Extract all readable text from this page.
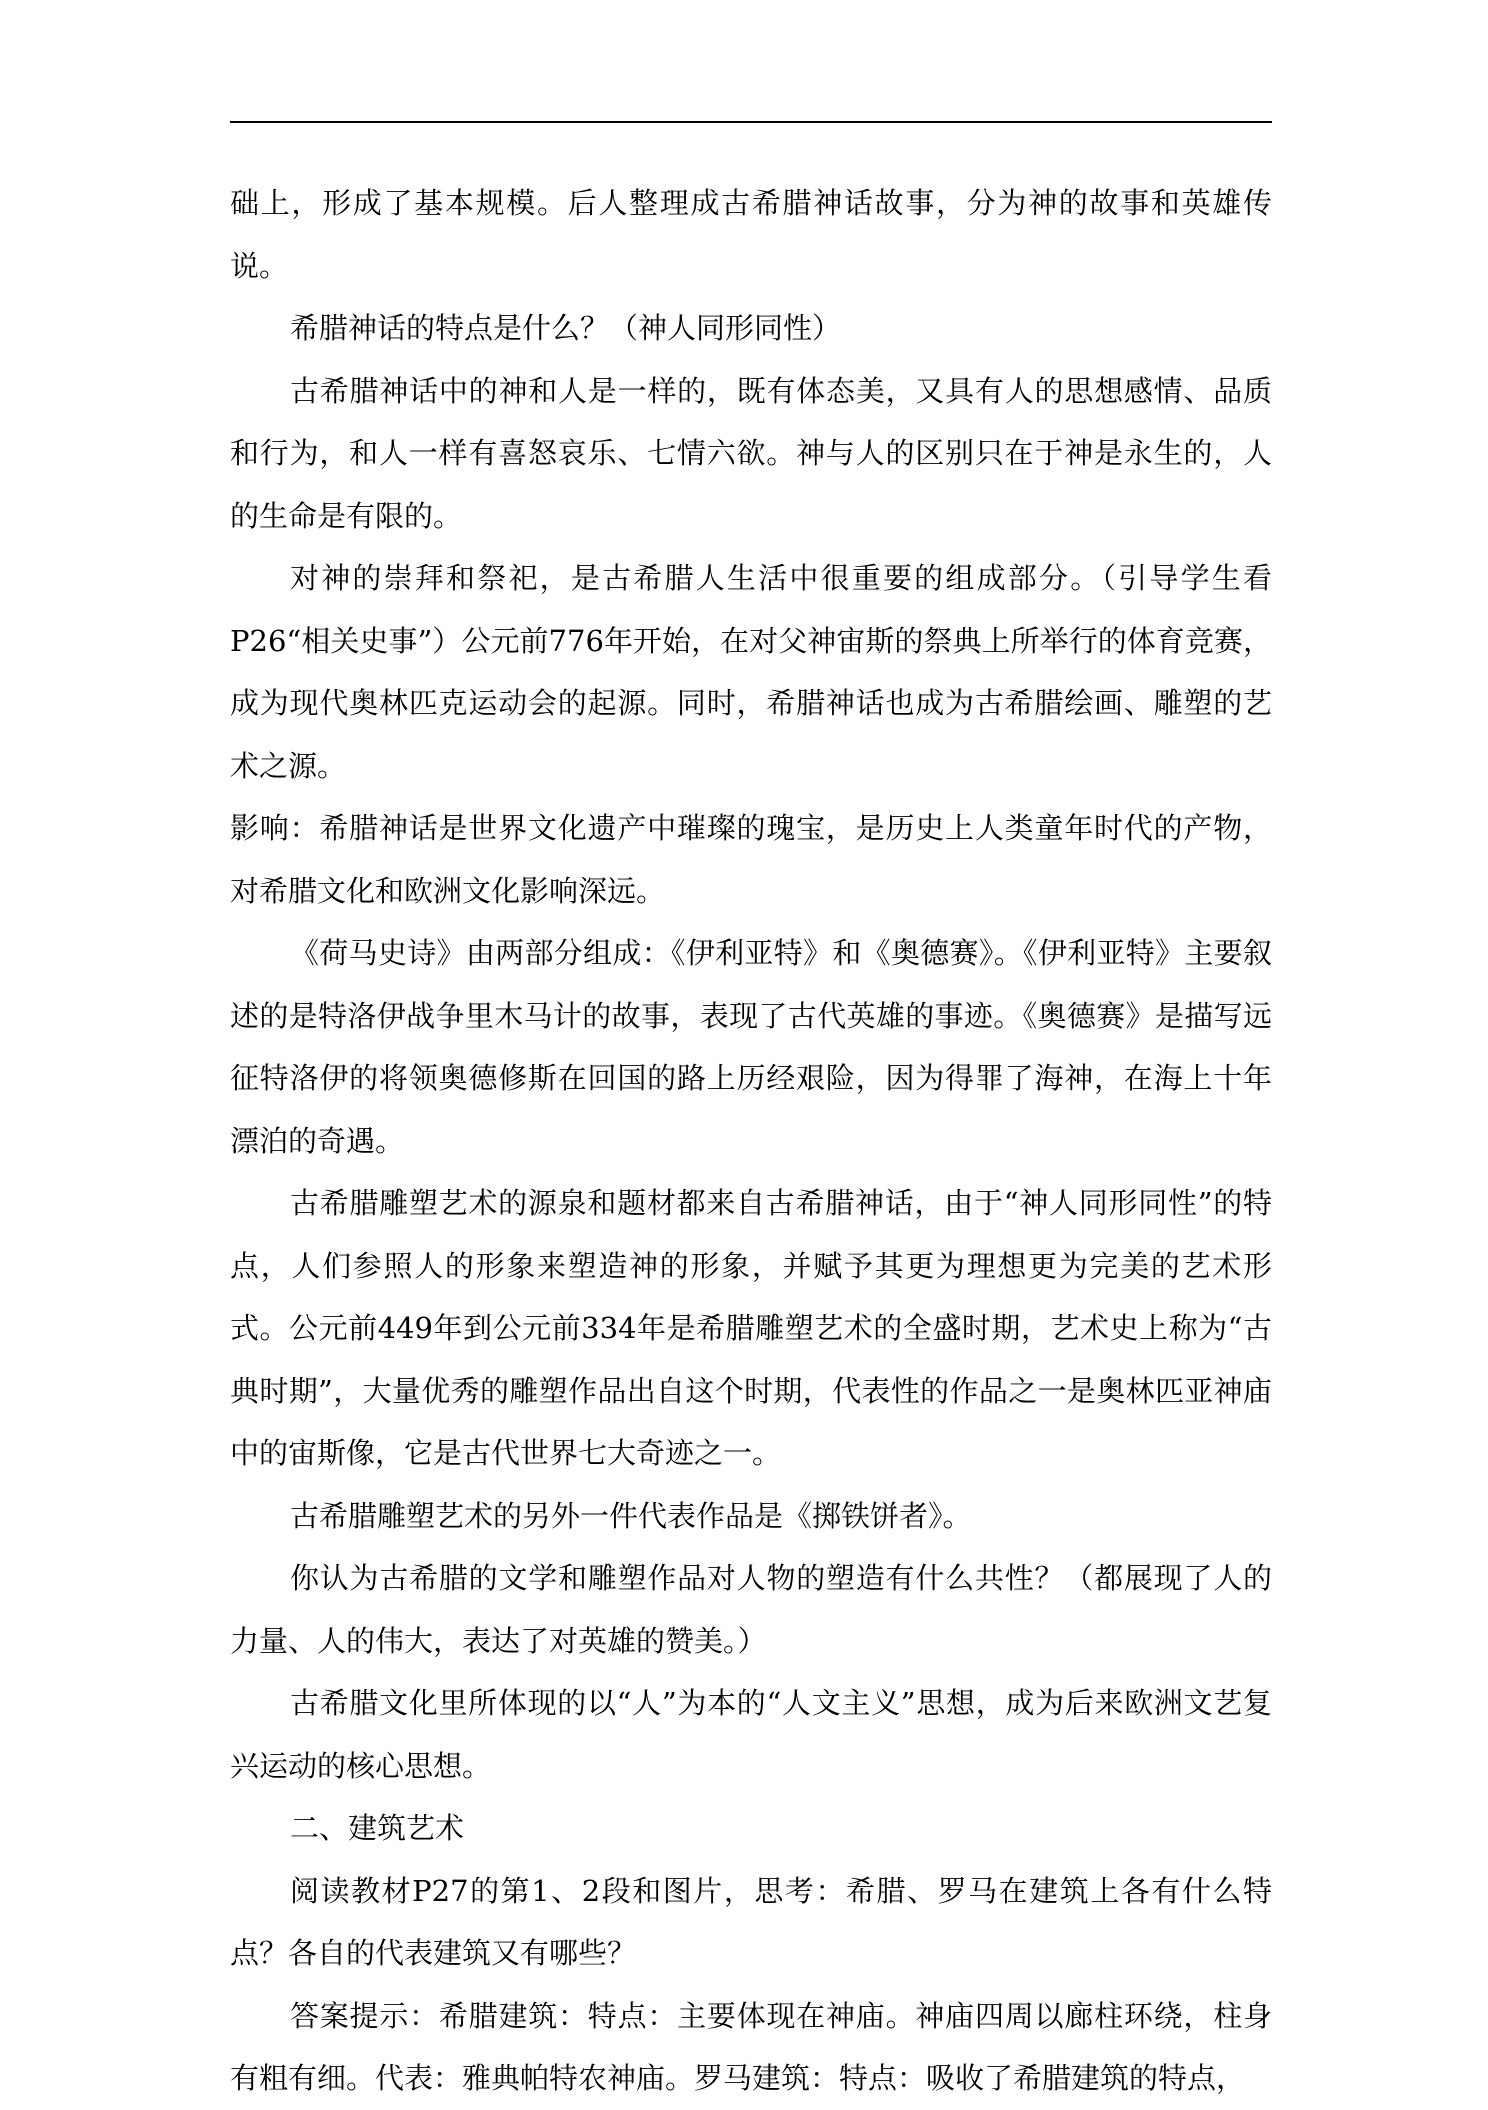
础上，形成了基本规模。后人整理成古希腊神话故事，分为神的故事和英雄传说。

希腊神话的特点是什么？（神人同形同性）

古希腊神话中的神和人是一样的，既有体态美，又具有人的思想感情、品质和行为，和人一样有喜怒哀乐、七情六欲。神与人的区别只在于神是永生的，人的生命是有限的。

对神的崇拜和祭祀，是古希腊人生活中很重要的组成部分。（引导学生看P26“相关史事”）公元前776年开始，在对父神宙斯的祭典上所举行的体育竞赛，成为现代奥林匹克运动会的起源。同时，希腊神话也成为古希腊绘画、雕塑的艺术之源。

影响：希腊神话是世界文化遗产中璀璨的瑰宝，是历史上人类童年时代的产物，对希腊文化和欧洲文化影响深远。

《荷马史诗》由两部分组成：《伊利亚特》和《奥德赛》。《伊利亚特》主要叙述的是特洛伊战争里木马计的故事，表现了古代英雄的事迹。《奥德赛》是描写远征特洛伊的将领奥德修斯在回国的路上历经艰险，因为得罪了海神，在海上十年漂泊的奇遇。

古希腊雕塑艺术的源泉和题材都来自古希腊神话，由于“神人同形同性”的特点，人们参照人的形象来塑造神的形象，并赋予其更为理想更为完美的艺术形式。公元前449年到公元前334年是希腊雕塑艺术的全盛时期，艺术史上称为“古典时期”，大量优秀的雕塑作品出自这个时期，代表性的作品之一是奥林匹亚神庙中的宙斯像，它是古代世界七大奇迹之一。

古希腊雕塑艺术的另外一件代表作品是《掷铁饼者》。

你认为古希腊的文学和雕塑作品对人物的塑造有什么共性？（都展现了人的力量、人的伟大，表达了对英雄的赞美。）

古希腊文化里所体现的以“人”为本的“人文主义”思想，成为后来欧洲文艺复兴运动的核心思想。

二、建筑艺术

阅读教材P27的第1、2段和图片，思考：希腊、罗马在建筑上各有什么特点？各自的代表建筑又有哪些？

答案提示：希腊建筑：特点：主要体现在神庙。神庙四周以廊柱环绕，柱身有粗有细。代表：雅典帕特农神庙。罗马建筑：特点：吸收了希腊建筑的特点，
